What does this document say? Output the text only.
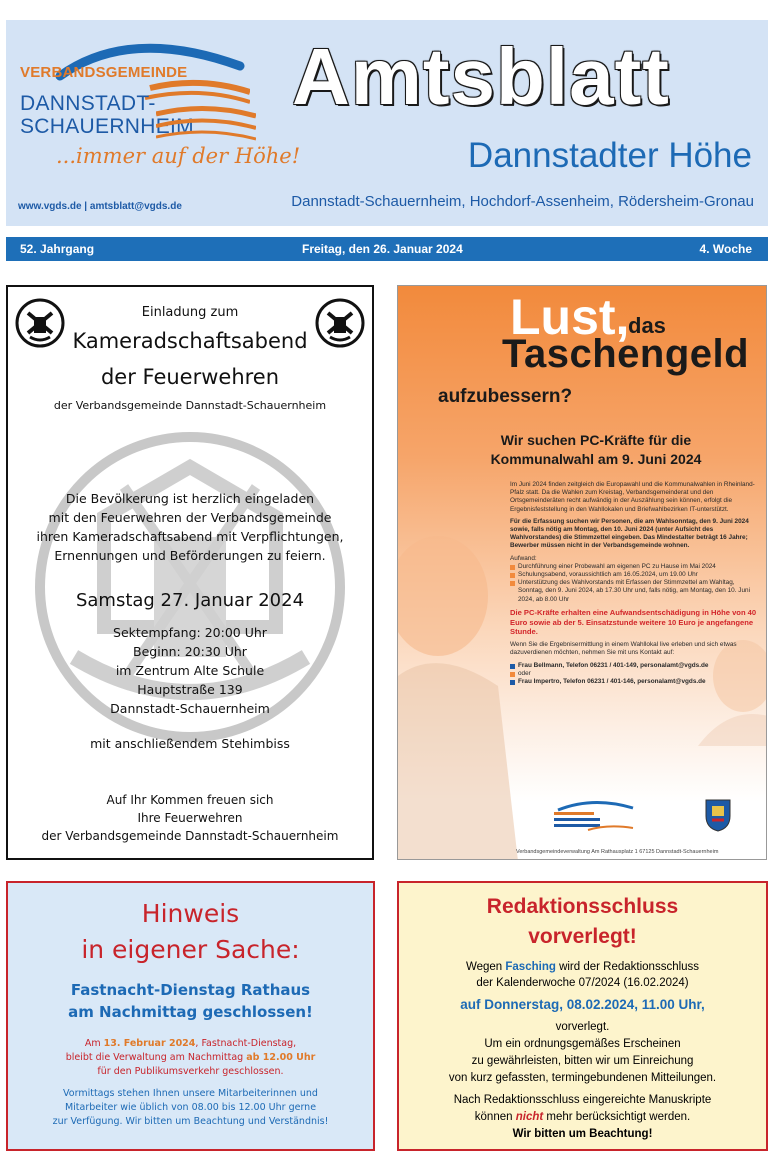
VERBANDSGEMEINDE
DANNSTADT-
SCHAUERNHEIM
...immer auf der Höhe!
www.vgds.de | amtsblatt@vgds.de
Amtsblatt
Dannstadter Höhe
Dannstadt-Schauernheim, Hochdorf-Assenheim, Rödersheim-Gronau
52. Jahrgang	Freitag, den 26. Januar 2024	4. Woche
Einladung zum
Kameradschaftsabend
der Feuerwehren
der Verbandsgemeinde Dannstadt-Schauernheim
Die Bevölkerung ist herzlich eingeladen
mit den Feuerwehren der Verbandsgemeinde
ihren Kameradschaftsabend mit Verpflichtungen,
Ernennungen und Beförderungen zu feiern.
Samstag 27. Januar 2024
Sektempfang: 20:00 Uhr
Beginn: 20:30 Uhr
im Zentrum Alte Schule
Hauptstraße 139
Dannstadt-Schauernheim
mit anschließendem Stehimbiss
Auf Ihr Kommen freuen sich
Ihre Feuerwehren
der Verbandsgemeinde Dannstadt-Schauernheim
Lust,
das
Taschengeld
aufzubessern?
Wir suchen PC-Kräfte für die
Kommunalwahl am 9. Juni 2024

Im Juni 2024 finden zeitgleich die Europawahl und die Kommunalwahlen in Rheinland-Pfalz statt. Da die Wahlen zum Kreistag, Verbandsgemeinderat und den Ortsgemeinderäten recht aufwändig in der Auszählung sein können, erfolgt die Ergebnisfeststellung in den Wahllokalen und Briefwahlbezirken IT-unterstützt.

Für die Erfassung suchen wir Personen, die am Wahlsonntag, den 9. Juni 2024 sowie, falls nötig am Montag, den 10. Juni 2024 (unter Aufsicht des Wahlvorstandes) die Stimmzettel eingeben. Das Mindestalter beträgt 16 Jahre; Bewerber müssen nicht in der Verbandsgemeinde wohnen.

Aufwand:
Durchführung einer Probewahl am eigenen PC zu Hause im Mai 2024
Schulungsabend, voraussichtlich am 16.05.2024, um 19.00 Uhr
Unterstützung des Wahlvorstands mit Erfassen der Stimmzettel am Wahltag, Sonntag, den 9. Juni 2024, ab 17.30 Uhr und, falls nötig, am Montag, den 10. Juni 2024, ab 8.00 Uhr

Die PC-Kräfte erhalten eine Aufwandsentschädigung in Höhe von 40 Euro sowie ab der 5. Einsatzstunde weitere 10 Euro je angefangene Stunde.

Wenn Sie die Ergebnisermittlung in einem Wahllokal live erleben und sich etwas dazuverdienen möchten, nehmen Sie mit uns Kontakt auf:

Frau Bellmann, Telefon 06231 / 401-149, personalamt@vgds.de
oder
Frau Impertro, Telefon 06231 / 401-146, personalamt@vgds.de
Verbandsgemeindeverwaltung Am Rathausplatz 1 67125 Dannstadt-Schauernheim
Hinweis
in eigener Sache:
Fastnacht-Dienstag Rathaus
am Nachmittag geschlossen!
Am 13. Februar 2024, Fastnacht-Dienstag,
bleibt die Verwaltung am Nachmittag ab 12.00 Uhr
für den Publikumsverkehr geschlossen.
Vormittags stehen Ihnen unsere Mitarbeiterinnen und
Mitarbeiter wie üblich von 08.00 bis 12.00 Uhr gerne
zur Verfügung. Wir bitten um Beachtung und Verständnis!
Redaktionsschluss
vorverlegt!
Wegen Fasching wird der Redaktionsschluss
der Kalenderwoche 07/2024 (16.02.2024)
auf Donnerstag, 08.02.2024, 11.00 Uhr,
vorverlegt.
Um ein ordnungsgemäßes Erscheinen
zu gewährleisten, bitten wir um Einreichung
von kurz gefassten, termingebundenen Mitteilungen.
Nach Redaktionsschluss eingereichte Manuskripte
können nicht mehr berücksichtigt werden.
Wir bitten um Beachtung!
